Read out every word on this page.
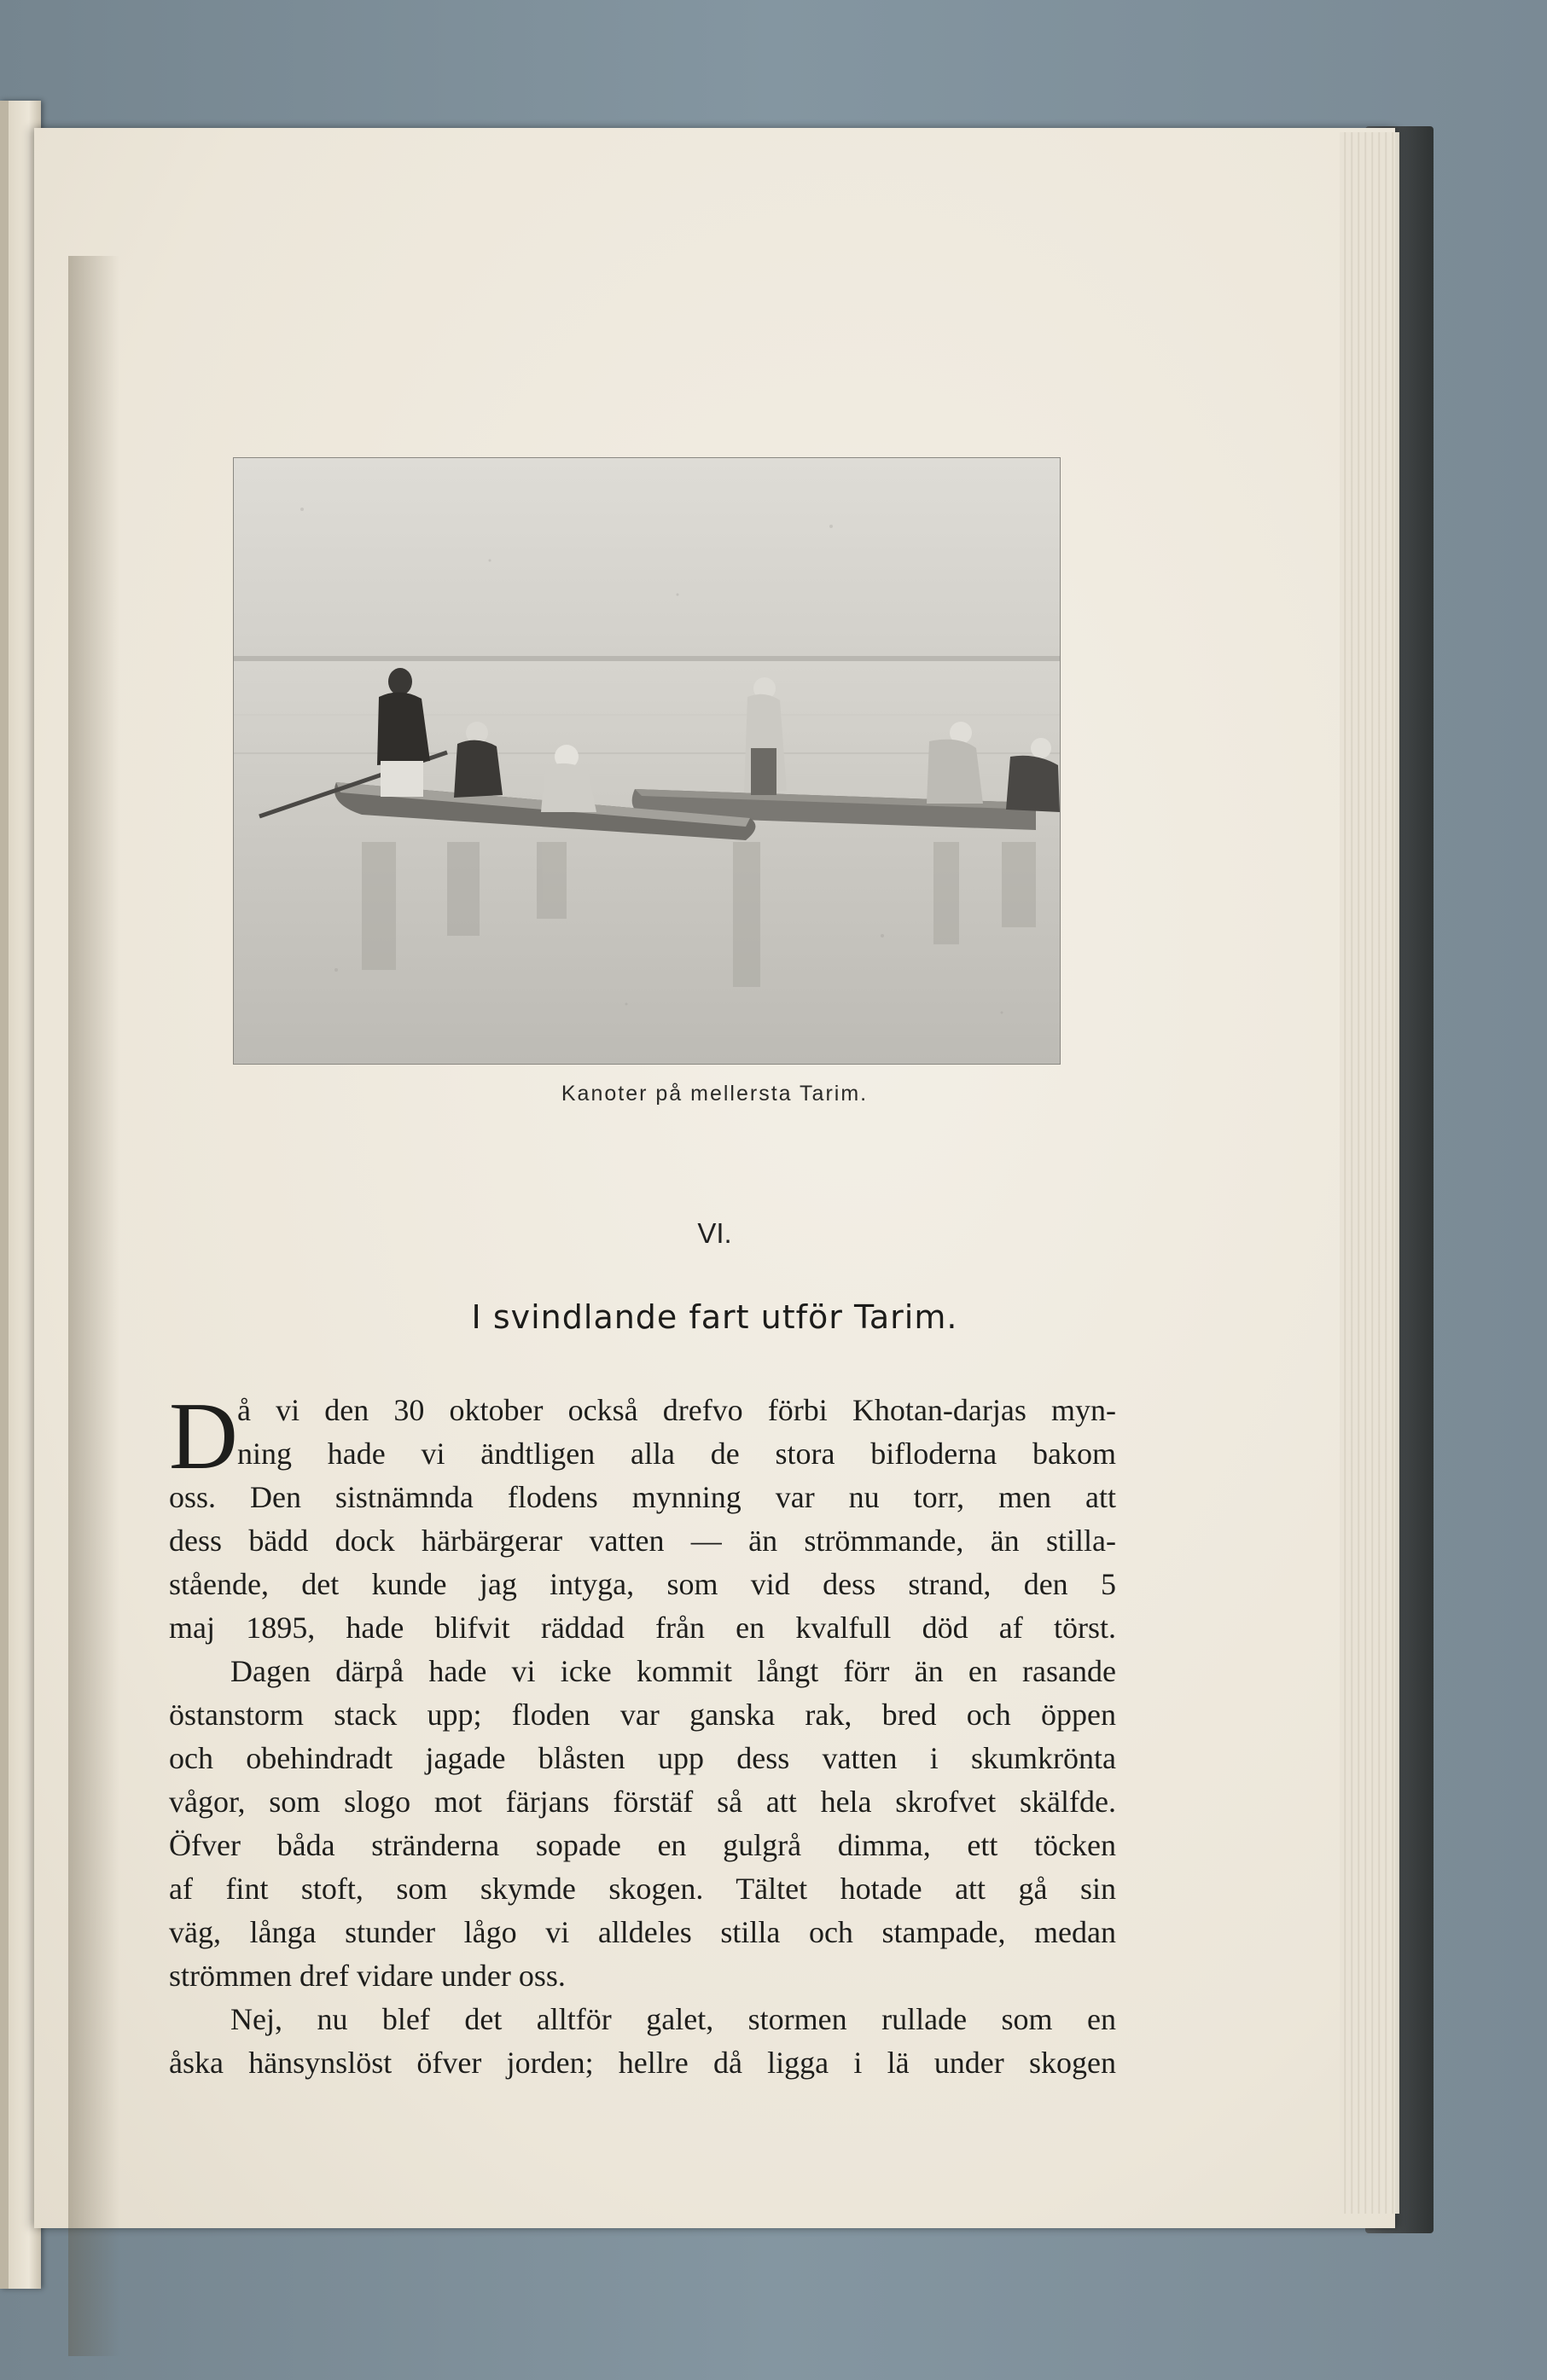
Kanoter på mellersta Tarim.
VI.
I svindlande fart utför Tarim.
D å vi den 30 oktober också drefvo förbi Khotan-darjas myn-
ning hade vi ändtligen alla de stora bifloderna bakom
oss. Den sistnämnda flodens mynning var nu torr, men att
dess bädd dock härbärgerar vatten — än strömmande, än stilla-
stående, det kunde jag intyga, som vid dess strand, den 5
maj 1895, hade blifvit räddad från en kvalfull död af törst.
Dagen därpå hade vi icke kommit långt förr än en rasande
östanstorm stack upp; floden var ganska rak, bred och öppen
och obehindradt jagade blåsten upp dess vatten i skumkrönta
vågor, som slogo mot färjans förstäf så att hela skrofvet skälfde.
Öfver båda stränderna sopade en gulgrå dimma, ett töcken
af fint stoft, som skymde skogen. Tältet hotade att gå sin
väg, långa stunder lågo vi alldeles stilla och stampade, medan
strömmen dref vidare under oss.
Nej, nu blef det alltför galet, stormen rullade som en
åska hänsynslöst öfver jorden; hellre då ligga i lä under skogen
